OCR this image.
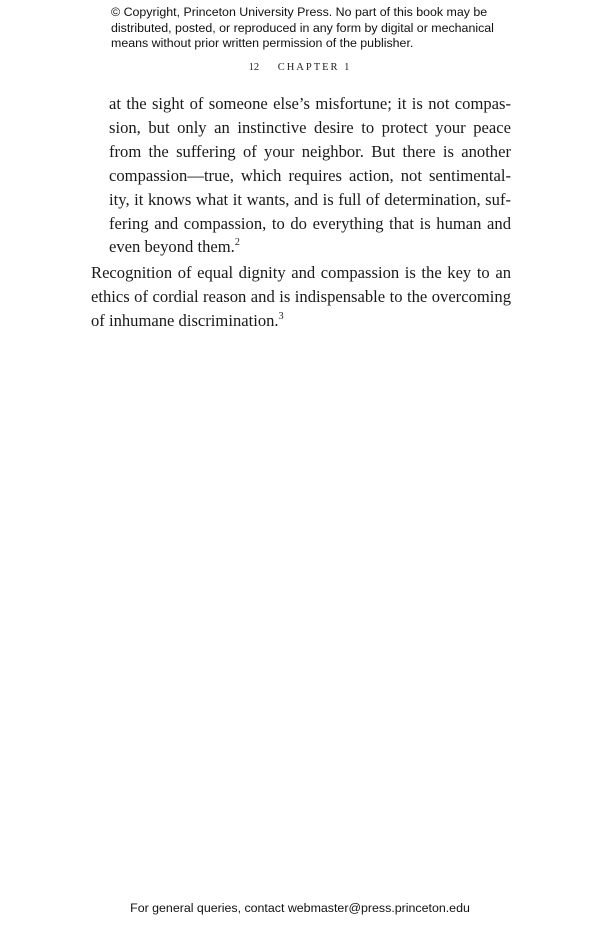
© Copyright, Princeton University Press. No part of this book may be
distributed, posted, or reproduced in any form by digital or mechanical
means without prior written permission of the publisher.
12 CHAPTER 1
at the sight of someone else’s misfortune; it is not compas-
sion, but only an instinctive desire to protect your peace
from the suffering of your neighbor. But there is another
compassion—true, which requires action, not sentimental-
ity, it knows what it wants, and is full of determination, suf-
fering and compassion, to do everything that is human and
even beyond them.$^2$
Recognition of equal dignity and compassion is the key to an
ethics of cordial reason and is indispensable to the overcoming
of inhumane discrimination.$^3$
For general queries, contact webmaster@press.princeton.edu
